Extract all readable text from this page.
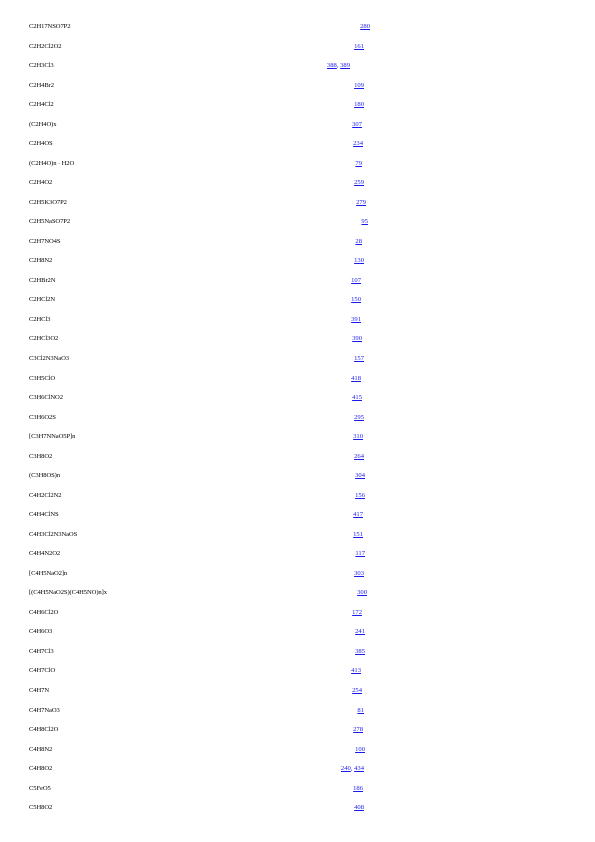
C2H17NSO7P2	280
C2H2Cl2O2	161
C2H3Cl3	388, 389
C2H4Br2	109
C2H4Cl2	180
(C2H4O)x	307
C2H4OS	234
(C2H4O)n · H2O	79
C2H4O2	259
C2H5K3O7P2	279
C2H5NaSO7P2	95
C2H7NO4S	28
C2H8N2	130
C2HBr2N	107
C2HCl2N	150
C2HCl3	391
C2HCl3O2	390
C3Cl2N3NaO3	157
C3H5ClO	418
C3H6ClNO2	415
C3H6O2S	295
[C3H7NNaO5P]n	310
C3H8O2	264
(C3H8OS)n	304
C4H2Cl2N2	156
C4H4ClNS	417
C4H3Cl2N3NaOS	151
C4H4N2O2	117
[C4H5NaO2]n	303
[(C4H5NaO2S)(C4H5NO)n]x	300
C4H6Cl2O	172
C4H6O3	241
C4H7Cl3	385
C4H7ClO	413
C4H7N	254
C4H7NaO3	81
C4H8Cl2O	278
C4H8N2	100
C4H8O2	240, 434
C5FeO5	186
C5H8O2	408
